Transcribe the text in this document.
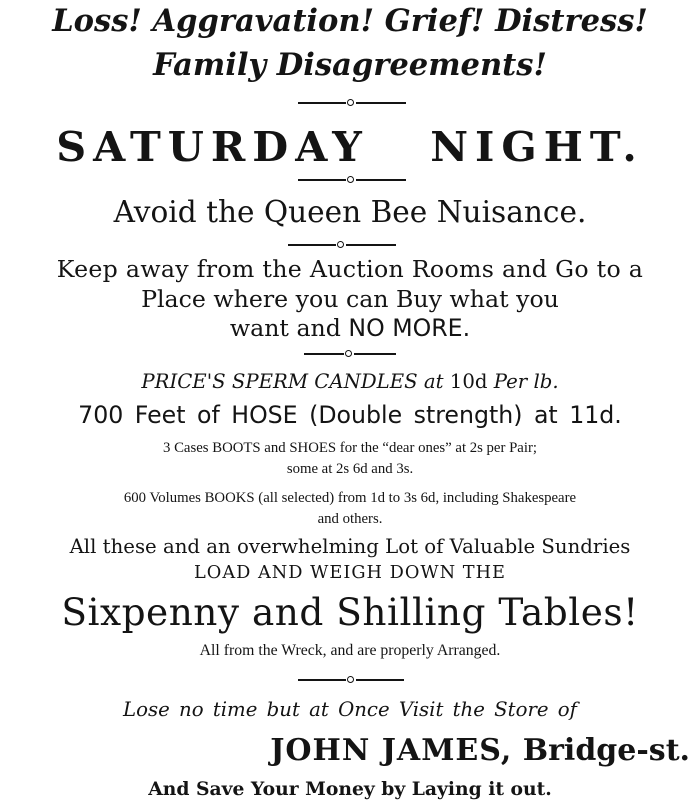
Loss! Aggravation! Grief! Distress!
Family Disagreements!
SATURDAY NIGHT.
Avoid the Queen Bee Nuisance.
Keep away from the Auction Rooms and Go to a
Place where you can Buy what you
want and NO MORE.
PRICE'S SPERM CANDLES at 10d Per lb.
700 Feet of HOSE (Double strength) at 11d.
3 Cases BOOTS and SHOES for the “dear ones” at 2s per Pair;
some at 2s 6d and 3s.
600 Volumes BOOKS (all selected) from 1d to 3s 6d, including Shakespeare
and others.
All these and an overwhelming Lot of Valuable Sundries
LOAD AND WEIGH DOWN THE
Sixpenny and Shilling Tables!
All from the Wreck, and are properly Arranged.
Lose no time but at Once Visit the Store of
JOHN JAMES, Bridge-st.
And Save Your Money by Laying it out.
